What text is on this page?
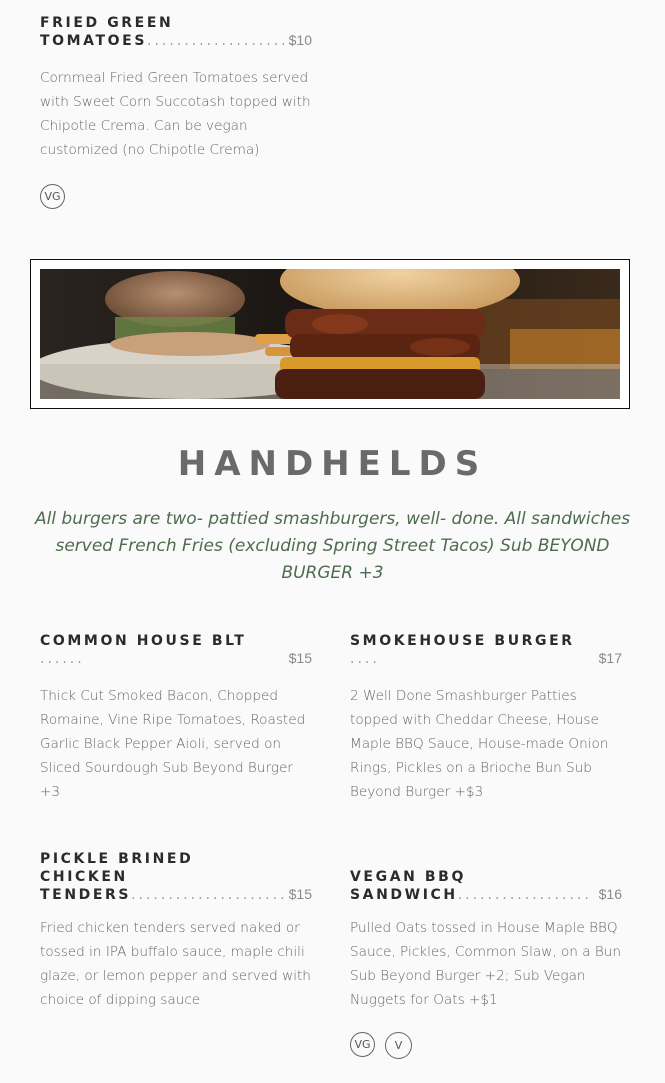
FRIED GREEN
TOMATOES....................
$10
Cornmeal Fried Green Tomatoes served with Sweet Corn Succotash topped with Chipotle Crema. Can be vegan customized (no Chipotle Crema)
VG
HANDHELDS
All burgers are two- pattied smashburgers, well- done. All sandwiches served French Fries (excluding Spring Street Tacos) Sub BEYOND BURGER +3
COMMON HOUSE BLT ......	$15
Thick Cut Smoked Bacon, Chopped Romaine, Vine Ripe Tomatoes, Roasted Garlic Black Pepper Aioli, served on Sliced Sourdough Sub Beyond Burger +3
SMOKEHOUSE BURGER ....	$17
2 Well Done Smashburger Patties topped with Cheddar Cheese, House Maple BBQ Sauce, House-made Onion Rings, Pickles on a Brioche Bun Sub Beyond Burger +$3
PICKLE BRINED CHICKEN
TENDERS..................... $15
Fried chicken tenders served naked or tossed in IPA buffalo sauce, maple chili glaze, or lemon pepper and served with choice of dipping sauce
VEGAN BBQ
SANDWICH.................. $16
Pulled Oats tossed in House Maple BBQ Sauce, Pickles, Common Slaw, on a Bun Sub Beyond Burger +2; Sub Vegan Nuggets for Oats +$1
VG	V
